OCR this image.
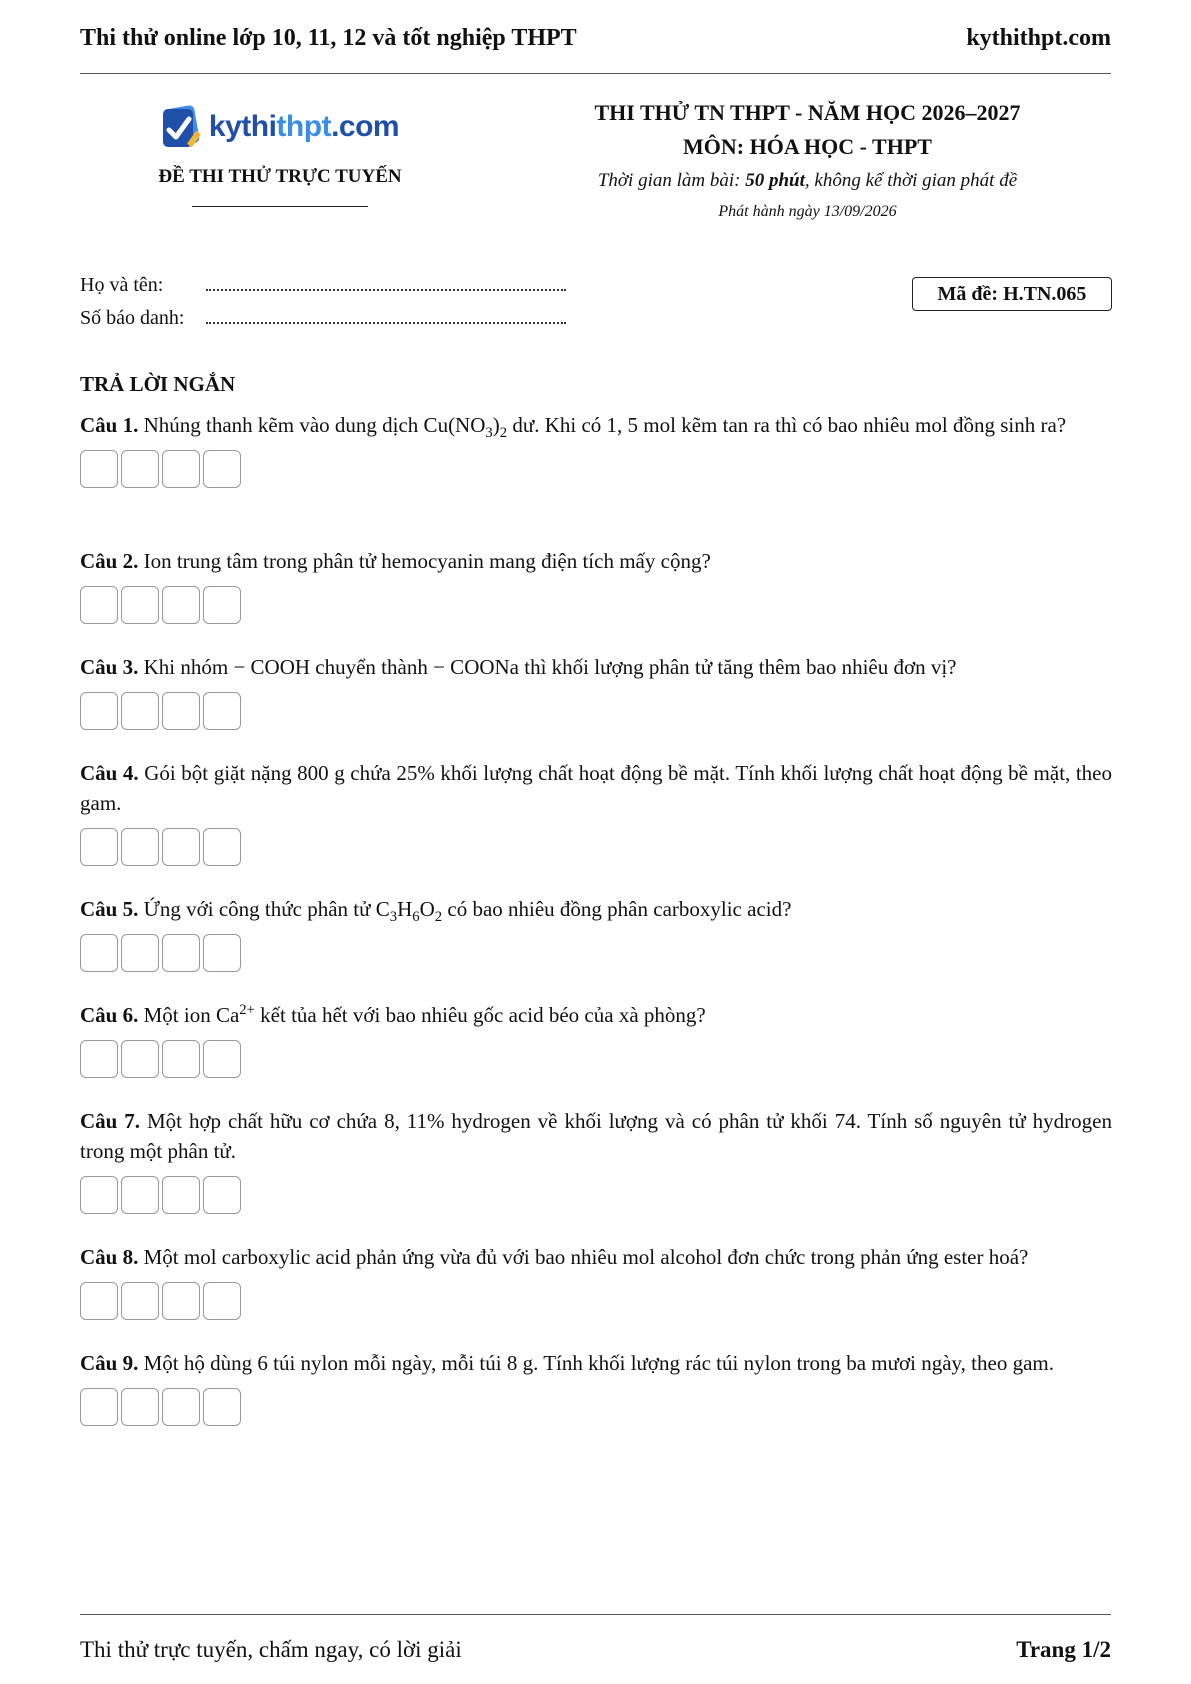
Thi thử online lớp 10, 11, 12 và tốt nghiệp THPT	kythithpt.com
kythithpt.com
ĐỀ THI THỬ TRỰC TUYẾN
THI THỬ TN THPT - NĂM HỌC 2026–2027
MÔN: HÓA HỌC - THPT
Thời gian làm bài: 50 phút, không kể thời gian phát đề
Phát hành ngày 13/09/2026
Họ và tên:
Số báo danh:
Mã đề: H.TN.065
TRẢ LỜI NGẮN
Câu 1. Nhúng thanh kẽm vào dung dịch $Cu(NO_3)_2$ dư. Khi có 1, 5 mol kẽm tan ra thì có bao nhiêu mol đồng sinh ra?
Câu 2. Ion trung tâm trong phân tử hemocyanin mang điện tích mấy cộng?
Câu 3. Khi nhóm − COOH chuyển thành − COONa thì khối lượng phân tử tăng thêm bao nhiêu đơn vị?
Câu 4. Gói bột giặt nặng 800 g chứa 25% khối lượng chất hoạt động bề mặt. Tính khối lượng chất hoạt động bề mặt, theo gam.
Câu 5. Ứng với công thức phân tử $C_3H_6O_2$ có bao nhiêu đồng phân carboxylic acid?
Câu 6. Một ion $Ca^{2+}$ kết tủa hết với bao nhiêu gốc acid béo của xà phòng?
Câu 7. Một hợp chất hữu cơ chứa 8, 11% hydrogen về khối lượng và có phân tử khối 74. Tính số nguyên tử hydrogen trong một phân tử.
Câu 8. Một mol carboxylic acid phản ứng vừa đủ với bao nhiêu mol alcohol đơn chức trong phản ứng ester hoá?
Câu 9. Một hộ dùng 6 túi nylon mỗi ngày, mỗi túi 8 g. Tính khối lượng rác túi nylon trong ba mươi ngày, theo gam.
Thi thử trực tuyến, chấm ngay, có lời giải	Trang 1/2
